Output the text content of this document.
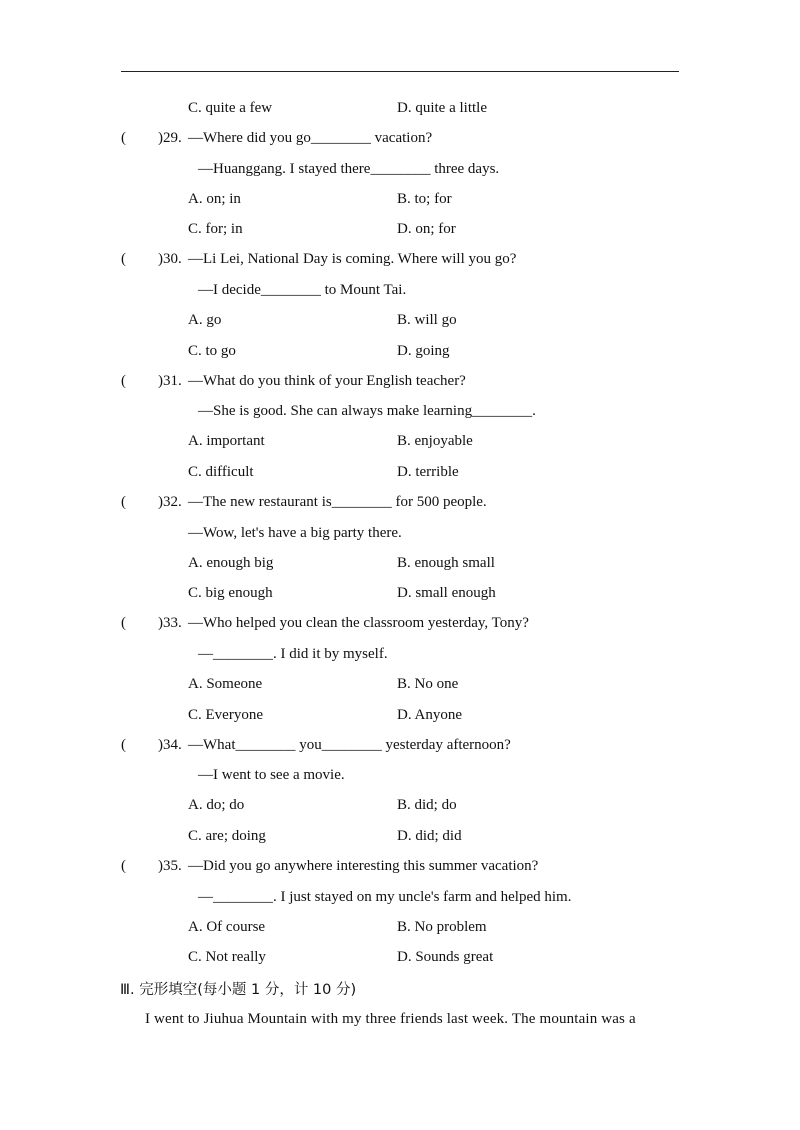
C. quite a few	D. quite a little
( )29. —Where did you go________ vacation?
—Huanggang. I stayed there________ three days.
A. on; in	B. to; for
C. for; in	D. on; for
( )30. —Li Lei, National Day is coming. Where will you go?
—I decide________ to Mount Tai.
A. go	B. will go
C. to go	D. going
( )31. —What do you think of your English teacher?
—She is good. She can always make learning________.
A. important	B. enjoyable
C. difficult	D. terrible
( )32. —The new restaurant is________ for 500 people.
—Wow, let's have a big party there.
A. enough big	B. enough small
C. big enough	D. small enough
( )33. —Who helped you clean the classroom yesterday, Tony?
—________. I did it by myself.
A. Someone	B. No one
C. Everyone	D. Anyone
( )34. —What________ you________ yesterday afternoon?
—I went to see a movie.
A. do; do	B. did; do
C. are; doing	D. did; did
( )35. —Did you go anywhere interesting this summer vacation?
—________. I just stayed on my uncle's farm and helped him.
A. Of course	B. No problem
C. Not really	D. Sounds great
Ⅲ. 完形填空(每小题 1 分，计 10 分)
I went to Jiuhua Mountain with my three friends last week. The mountain was a
